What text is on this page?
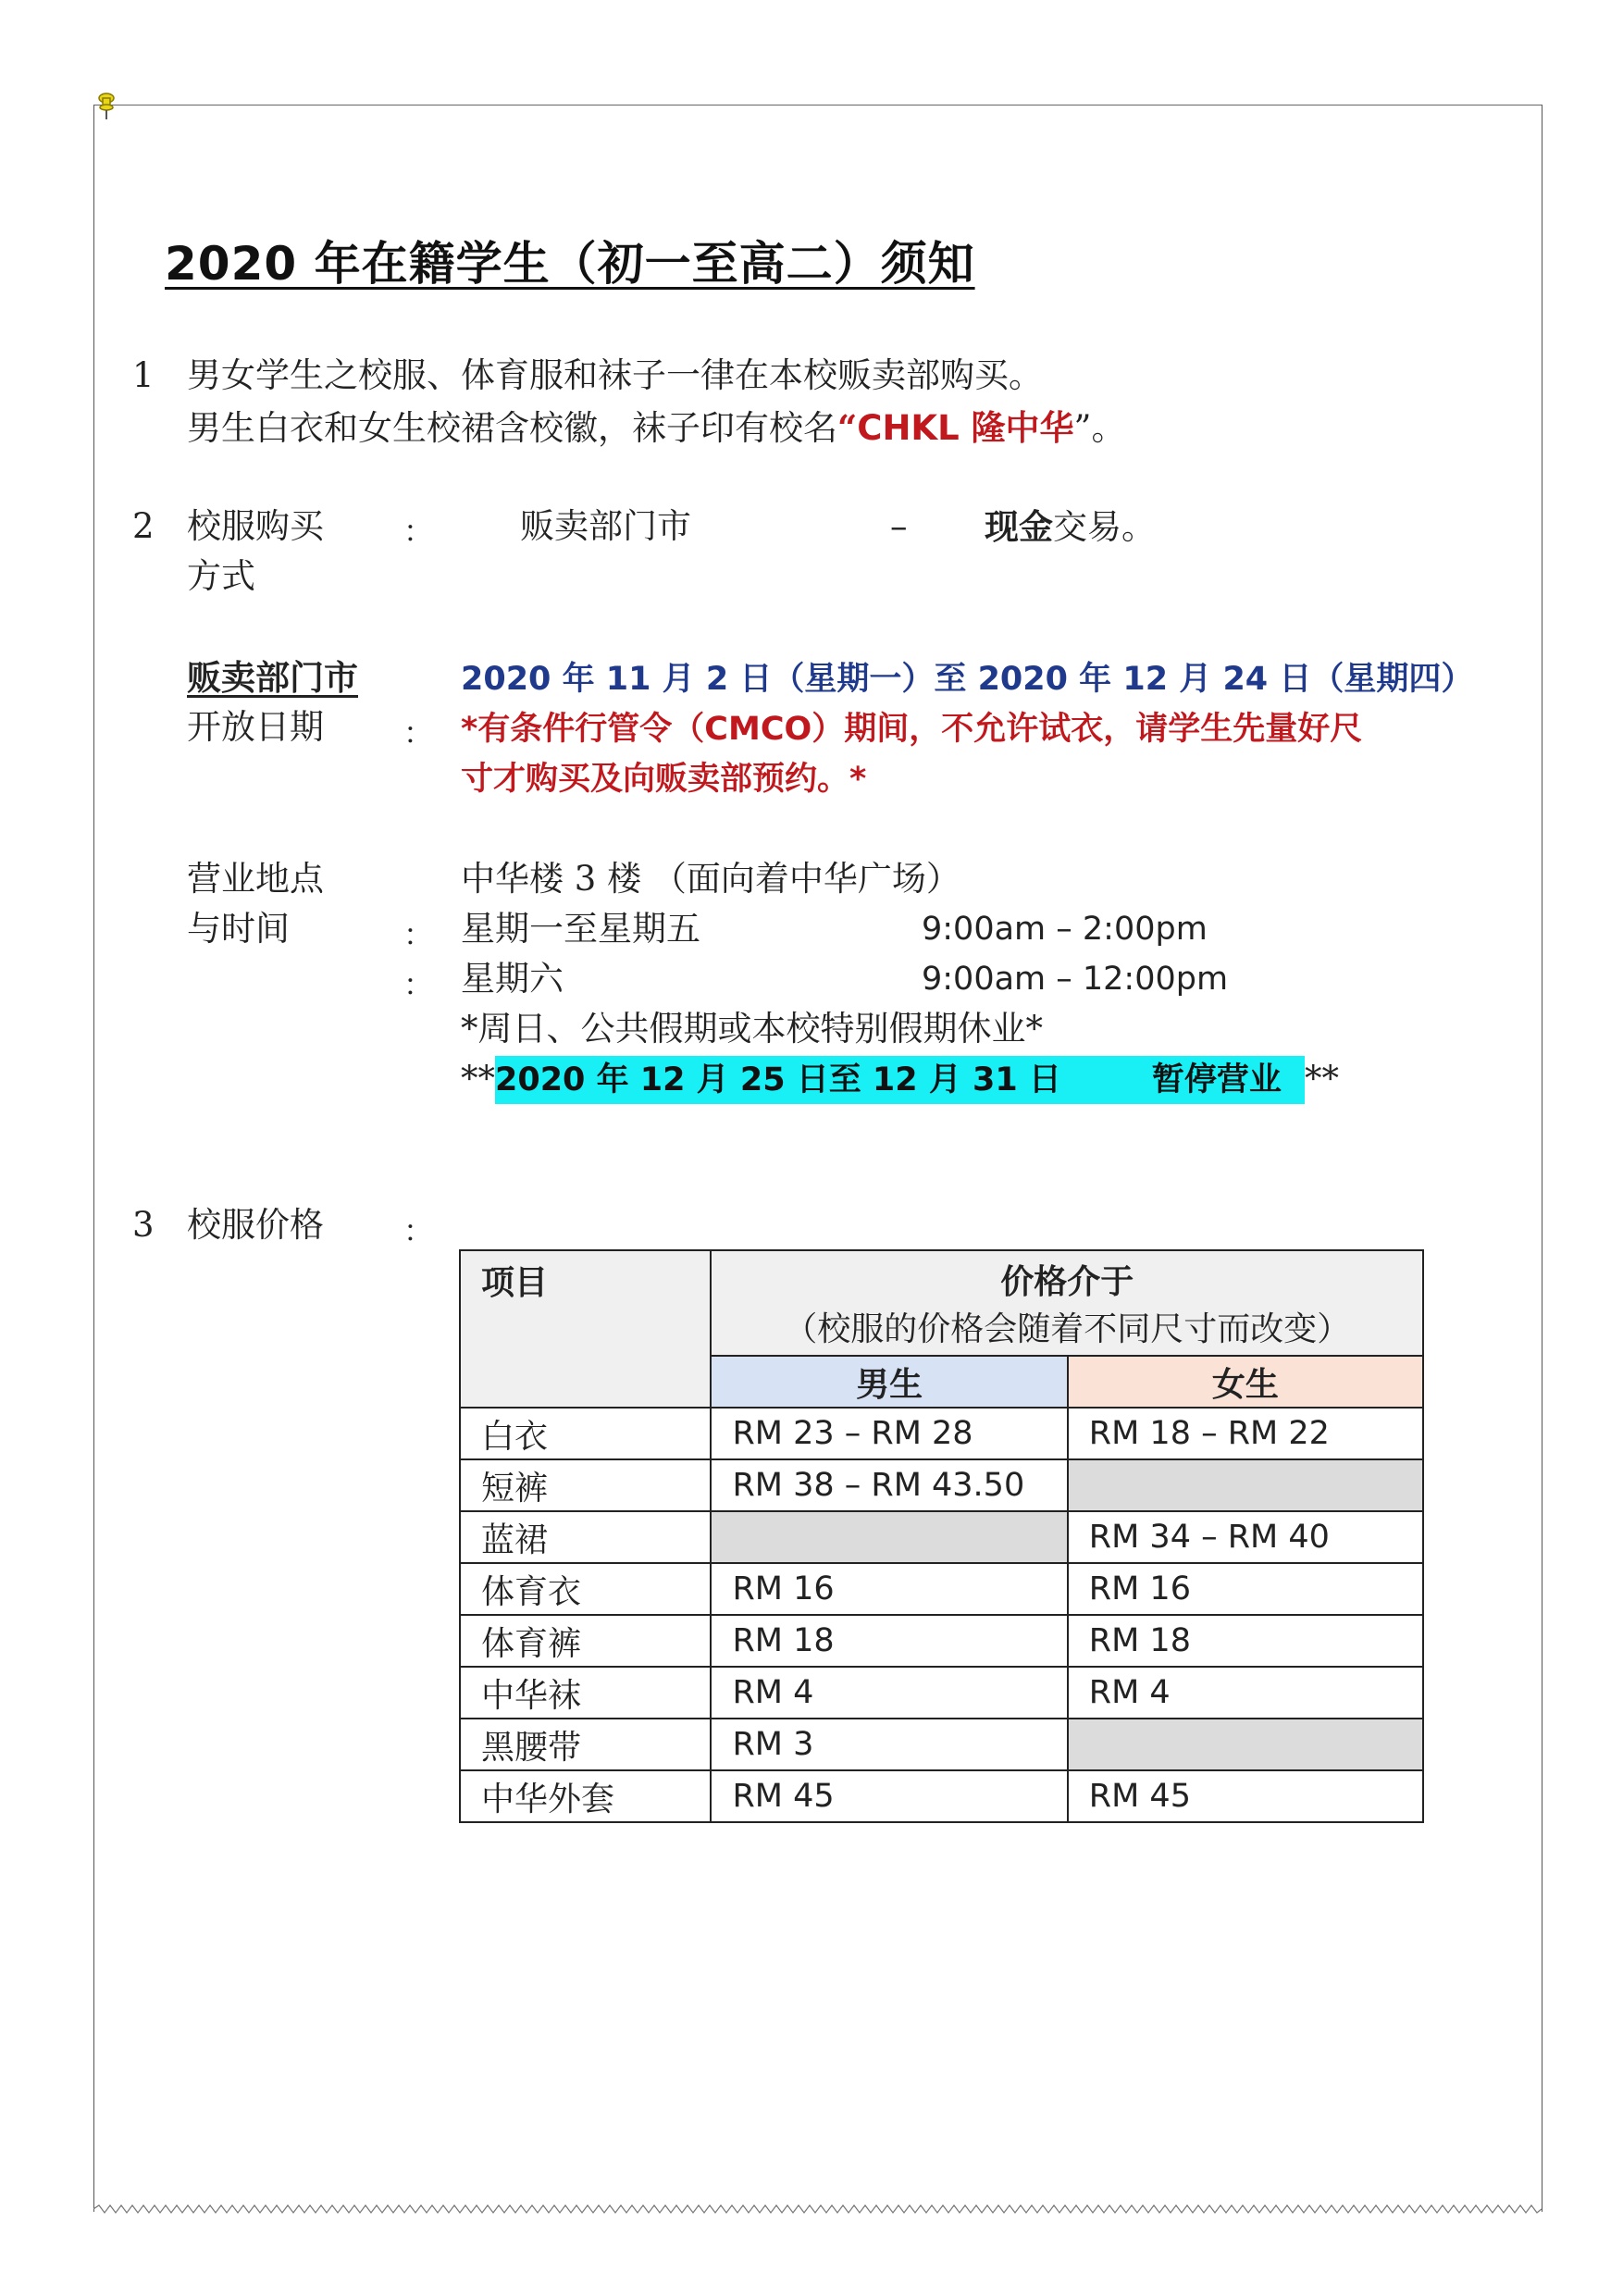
2020 年在籍学生（初一至高二）须知
1 男女学生之校服、体育服和袜子一律在本校贩卖部购买。
男生白衣和女生校裙含校徽，袜子印有校名“CHKL 隆中华”。
2 校服购买
方式
：	贩卖部门市	– 现金交易。
贩卖部门市
开放日期	：
2020 年 11 月 2 日（星期一）至 2020 年 12 月 24 日（星期四）
*有条件行管令（CMCO）期间，不允许试衣，请学生先量好尺
寸才购买及向贩卖部预约。*
营业地点
与时间
中华楼 3 楼 （面向着中华广场）
： 星期一至星期五	9:00am – 2:00pm
： 星期六	9:00am – 12:00pm
*周日、公共假期或本校特别假期休业*
**2020 年 12 月 25 日至 12 月 31 日	暂停营业 **
3 校服价格	：
项目	价格介于
（校服的价格会随着不同尺寸而改变）	

	男生	女生
白衣	RM 23 – RM 28	RM 18 – RM 22
短裤	RM 38 – RM 43.50	
蓝裙		RM 34 – RM 40
体育衣	RM 16	RM 16
体育裤	RM 18	RM 18
中华袜	RM 4	RM 4
黑腰带	RM 3	
中华外套	RM 45	RM 45
